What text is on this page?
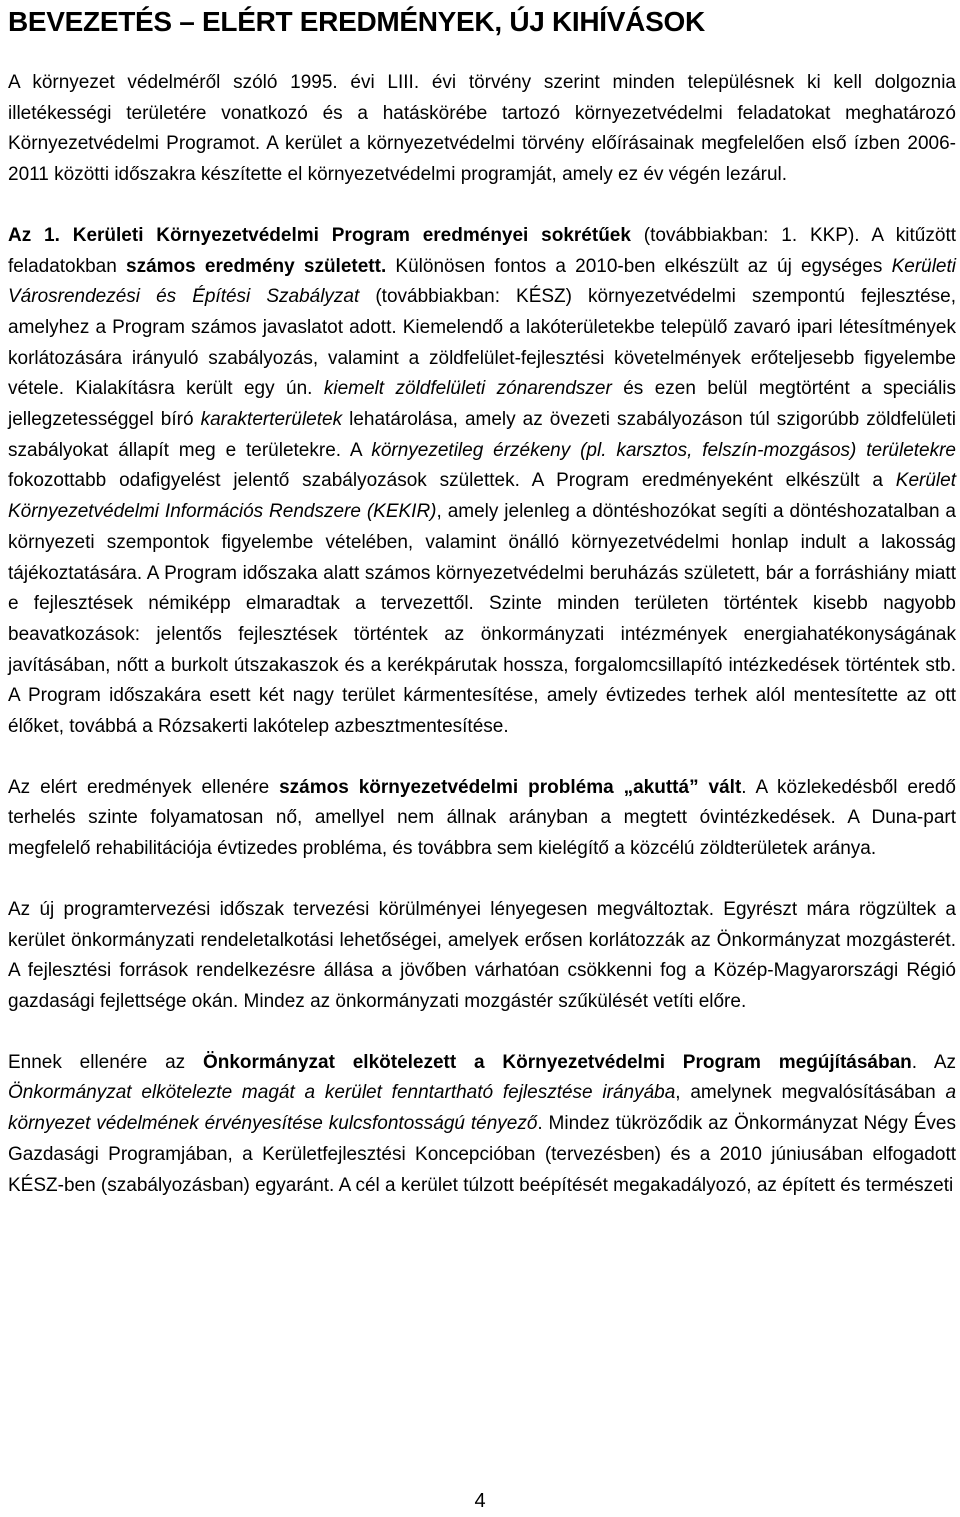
BEVEZETÉS – ELÉRT EREDMÉNYEK, ÚJ KIHÍVÁSOK

A környezet védelméről szóló 1995. évi LIII. évi törvény szerint minden településnek ki kell dolgoznia illetékességi területére vonatkozó és a hatáskörébe tartozó környezetvédelmi feladatokat meghatározó Környezetvédelmi Programot. A kerület a környezetvédelmi törvény előírásainak megfelelően első ízben 2006-2011 közötti időszakra készítette el környezetvédelmi programját, amely ez év végén lezárul.

Az 1. Kerületi Környezetvédelmi Program eredményei sokrétűek (továbbiakban: 1. KKP). A kitűzött feladatokban számos eredmény született. Különösen fontos a 2010-ben elkészült az új egységes Kerületi Városrendezési és Építési Szabályzat (továbbiakban: KÉSZ) környezetvédelmi szempontú fejlesztése, amelyhez a Program számos javaslatot adott. Kiemelendő a lakóterületekbe települő zavaró ipari létesítmények korlátozására irányuló szabályozás, valamint a zöldfelület-fejlesztési követelmények erőteljesebb figyelembe vétele. Kialakításra került egy ún. kiemelt zöldfelületi zónarendszer és ezen belül megtörtént a speciális jellegzetességgel bíró karakterterületek lehatárolása, amely az övezeti szabályozáson túl szigorúbb zöldfelületi szabályokat állapít meg e területekre. A környezetileg érzékeny (pl. karsztos, felszín-mozgásos) területekre fokozottabb odafigyelést jelentő szabályozások születtek. A Program eredményeként elkészült a Kerület Környezetvédelmi Információs Rendszere (KEKIR), amely jelenleg a döntéshozókat segíti a döntéshozatalban a környezeti szempontok figyelembe vételében, valamint önálló környezetvédelmi honlap indult a lakosság tájékoztatására. A Program időszaka alatt számos környezetvédelmi beruházás született, bár a forráshiány miatt e fejlesztések némiképp elmaradtak a tervezettől. Szinte minden területen történtek kisebb nagyobb beavatkozások: jelentős fejlesztések történtek az önkormányzati intézmények energiahatékonyságának javításában, nőtt a burkolt útszakaszok és a kerékpárutak hossza, forgalomcsillapító intézkedések történtek stb. A Program időszakára esett két nagy terület kármentesítése, amely évtizedes terhek alól mentesítette az ott élőket, továbbá a Rózsakerti lakótelep azbesztmentesítése.

Az elért eredmények ellenére számos környezetvédelmi probléma „akuttá” vált. A közlekedésből eredő terhelés szinte folyamatosan nő, amellyel nem állnak arányban a megtett óvintézkedések. A Duna-part megfelelő rehabilitációja évtizedes probléma, és továbbra sem kielégítő a közcélú zöldterületek aránya.

Az új programtervezési időszak tervezési körülményei lényegesen megváltoztak. Egyrészt mára rögzültek a kerület önkormányzati rendeletalkotási lehetőségei, amelyek erősen korlátozzák az Önkormányzat mozgásterét. A fejlesztési források rendelkezésre állása a jövőben várhatóan csökkenni fog a Közép-Magyarországi Régió gazdasági fejlettsége okán. Mindez az önkormányzati mozgástér szűkülését vetíti előre.

Ennek ellenére az Önkormányzat elkötelezett a Környezetvédelmi Program megújításában. Az Önkormányzat elkötelezte magát a kerület fenntartható fejlesztése irányába, amelynek megvalósításában a környezet védelmének érvényesítése kulcsfontosságú tényező. Mindez tükröződik az Önkormányzat Négy Éves Gazdasági Programjában, a Kerületfejlesztési Koncepcióban (tervezésben) és a 2010 júniusában elfogadott KÉSZ-ben (szabályozásban) egyaránt. A cél a kerület túlzott beépítését megakadályozó, az épített és természeti

4
